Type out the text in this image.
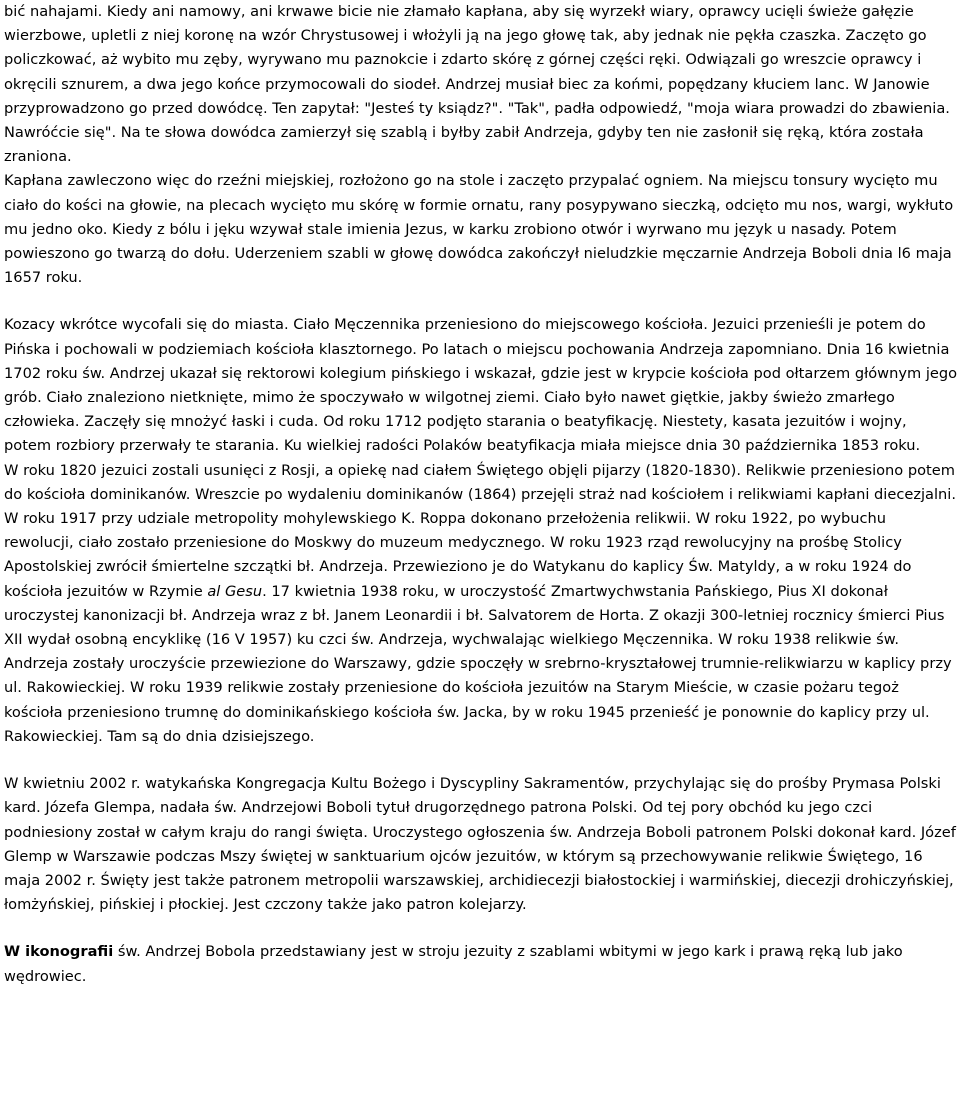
bić nahajami. Kiedy ani namowy, ani krwawe bicie nie złamało kapłana, aby się wyrzekł wiary, oprawcy ucięli świeże gałęzie wierzbowe, upletli z niej koronę na wzór Chrystusowej i włożyli ją na jego głowę tak, aby jednak nie pękła czaszka. Zaczęto go policzkować, aż wybito mu zęby, wyrywano mu paznokcie i zdarto skórę z górnej części ręki. Odwiązali go wreszcie oprawcy i okręcili sznurem, a dwa jego końce przymocowali do siodeł. Andrzej musiał biec za końmi, popędzany kłuciem lanc. W Janowie przyprowadzono go przed dowódcę. Ten zapytał: "Jesteś ty ksiądz?". "Tak", padła odpowiedź, "moja wiara prowadzi do zbawienia. Nawróćcie się". Na te słowa dowódca zamierzył się szablą i byłby zabił Andrzeja, gdyby ten nie zasłonił się ręką, która została zraniona.

Kapłana zawleczono więc do rzeźni miejskiej, rozłożono go na stole i zaczęto przypalać ogniem. Na miejscu tonsury wycięto mu ciało do kości na głowie, na plecach wycięto mu skórę w formie ornatu, rany posypywano sieczką, odcięto mu nos, wargi, wykłuto mu jedno oko. Kiedy z bólu i jęku wzywał stale imienia Jezus, w karku zrobiono otwór i wyrwano mu język u nasady. Potem powieszono go twarzą do dołu. Uderzeniem szabli w głowę dowódca zakończył nieludzkie męczarnie Andrzeja Boboli dnia l6 maja 1657 roku.

Kozacy wkrótce wycofali się do miasta. Ciało Męczennika przeniesiono do miejscowego kościoła. Jezuici przenieśli je potem do Pińska i pochowali w podziemiach kościoła klasztornego. Po latach o miejscu pochowania Andrzeja zapomniano. Dnia 16 kwietnia 1702 roku św. Andrzej ukazał się rektorowi kolegium pińskiego i wskazał, gdzie jest w krypcie kościoła pod ołtarzem głównym jego grób. Ciało znaleziono nietknięte, mimo że spoczywało w wilgotnej ziemi. Ciało było nawet giętkie, jakby świeżo zmarłego człowieka. Zaczęły się mnożyć łaski i cuda. Od roku 1712 podjęto starania o beatyfikację. Niestety, kasata jezuitów i wojny, potem rozbiory przerwały te starania. Ku wielkiej radości Polaków beatyfikacja miała miejsce dnia 30 października 1853 roku.

W roku 1820 jezuici zostali usunięci z Rosji, a opiekę nad ciałem Świętego objęli pijarzy (1820-1830). Relikwie przeniesiono potem do kościoła dominikanów. Wreszcie po wydaleniu dominikanów (1864) przejęli straż nad kościołem i relikwiami kapłani diecezjalni. W roku 1917 przy udziale metropolity mohylewskiego K. Roppa dokonano przełożenia relikwii. W roku 1922, po wybuchu rewolucji, ciało zostało przeniesione do Moskwy do muzeum medycznego. W roku 1923 rząd rewolucyjny na prośbę Stolicy Apostolskiej zwrócił śmiertelne szczątki bł. Andrzeja. Przewieziono je do Watykanu do kaplicy Św. Matyldy, a w roku 1924 do kościoła jezuitów w Rzymie al Gesu. 17 kwietnia 1938 roku, w uroczystość Zmartwychwstania Pańskiego, Pius XI dokonał uroczystej kanonizacji bł. Andrzeja wraz z bł. Janem Leonardii i bł. Salvatorem de Horta. Z okazji 300-letniej rocznicy śmierci Pius XII wydał osobną encyklikę (16 V 1957) ku czci św. Andrzeja, wychwalając wielkiego Męczennika. W roku 1938 relikwie św. Andrzeja zostały uroczyście przewiezione do Warszawy, gdzie spoczęły w srebrno-kryształowej trumnie-relikwiarzu w kaplicy przy ul. Rakowieckiej. W roku 1939 relikwie zostały przeniesione do kościoła jezuitów na Starym Mieście, w czasie pożaru tegoż kościoła przeniesiono trumnę do dominikańskiego kościoła św. Jacka, by w roku 1945 przenieść je ponownie do kaplicy przy ul. Rakowieckiej. Tam są do dnia dzisiejszego.

W kwietniu 2002 r. watykańska Kongregacja Kultu Bożego i Dyscypliny Sakramentów, przychylając się do prośby Prymasa Polski kard. Józefa Glempa, nadała św. Andrzejowi Boboli tytuł drugorzędnego patrona Polski. Od tej pory obchód ku jego czci podniesiony został w całym kraju do rangi święta. Uroczystego ogłoszenia św. Andrzeja Boboli patronem Polski dokonał kard. Józef Glemp w Warszawie podczas Mszy świętej w sanktuarium ojców jezuitów, w którym są przechowywanie relikwie Świętego, 16 maja 2002 r. Święty jest także patronem metropolii warszawskiej, archidiecezji białostockiej i warmińskiej, diecezji drohiczyńskiej, łomżyńskiej, pińskiej i płockiej. Jest czczony także jako patron kolejarzy.

W ikonografii św. Andrzej Bobola przedstawiany jest w stroju jezuity z szablami wbitymi w jego kark i prawą ręką lub jako wędrowiec.
